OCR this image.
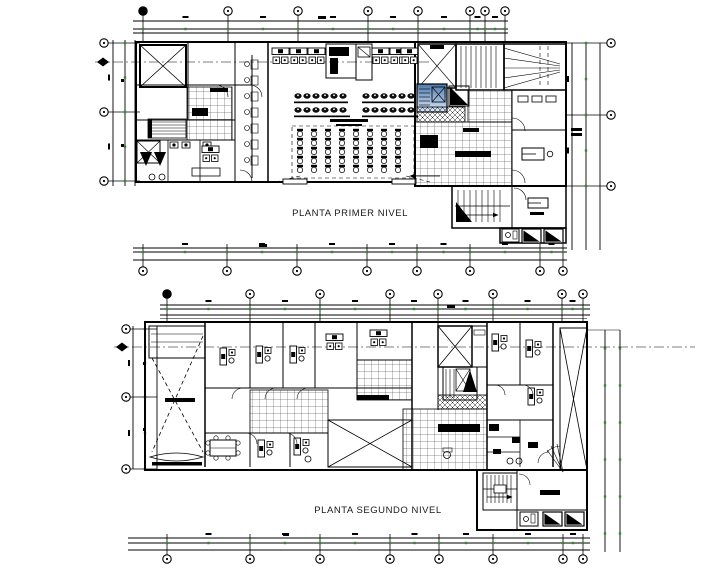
PLANTA PRIMER NIVEL
PLANTA SEGUNDO NIVEL
